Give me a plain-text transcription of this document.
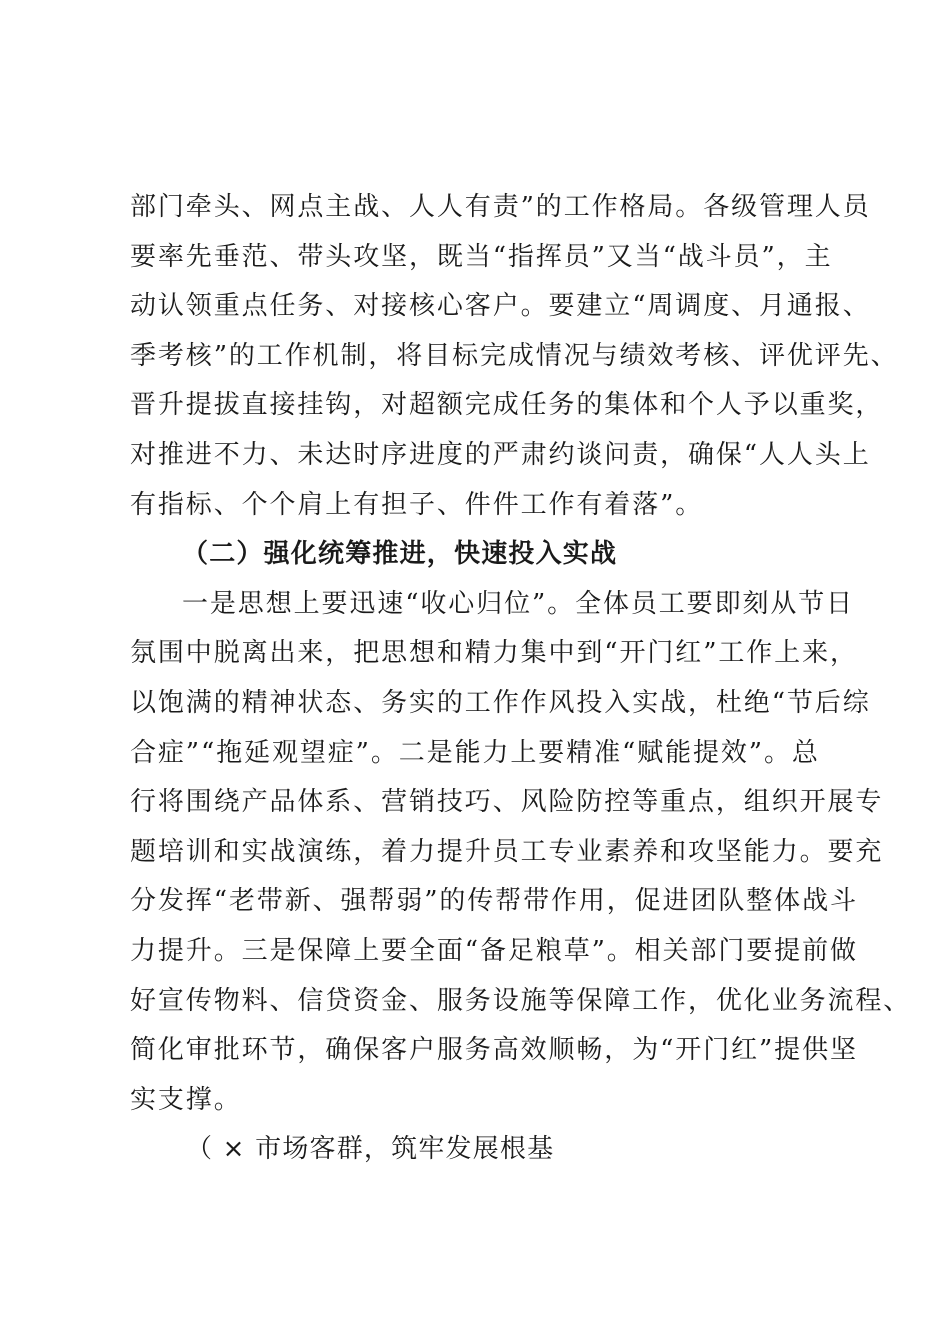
部门牵头、网点主战、人人有责”的工作格局。各级管理人员
要率先垂范、带头攻坚，既当“指挥员”又当“战斗员”，主
动认领重点任务、对接核心客户。要建立“周调度、月通报、
季考核”的工作机制，将目标完成情况与绩效考核、评优评先、
晋升提拔直接挂钩，对超额完成任务的集体和个人予以重奖，
对推进不力、未达时序进度的严肃约谈问责，确保“人人头上
有指标、个个肩上有担子、件件工作有着落”。
（二）强化统筹推进，快速投入实战
一是思想上要迅速“收心归位”。全体员工要即刻从节日
氛围中脱离出来，把思想和精力集中到“开门红”工作上来，
以饱满的精神状态、务实的工作作风投入实战，杜绝“节后综
合症”“拖延观望症”。二是能力上要精准“赋能提效”。总
行将围绕产品体系、营销技巧、风险防控等重点，组织开展专
题培训和实战演练，着力提升员工专业素养和攻坚能力。要充
分发挥“老带新、强帮弱”的传帮带作用，促进团队整体战斗
力提升。三是保障上要全面“备足粮草”。相关部门要提前做
好宣传物料、信贷资金、服务设施等保障工作，优化业务流程、
简化审批环节，确保客户服务高效顺畅，为“开门红”提供坚
实支撑。
（ × 市场客群，筑牢发展根基
